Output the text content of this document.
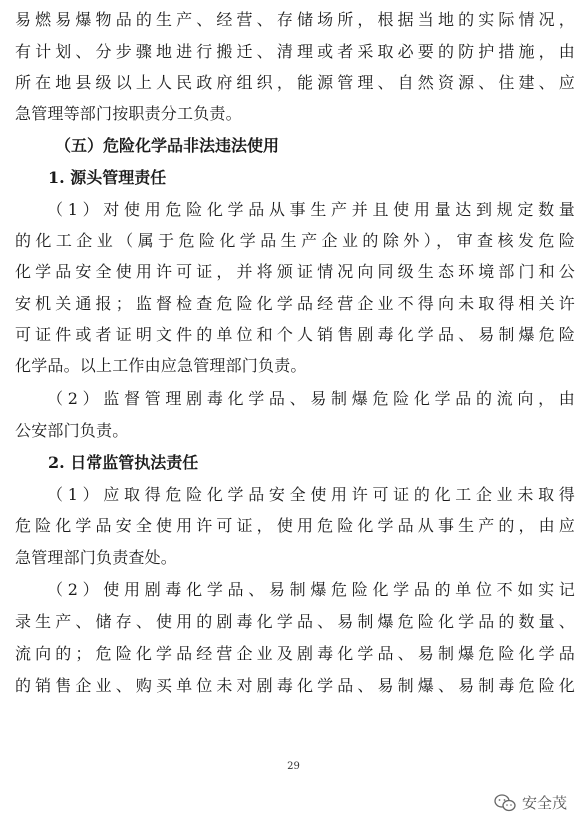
易燃易爆物品的生产、经营、存储场所，根据当地的实际情况，
有计划、分步骤地进行搬迁、清理或者采取必要的防护措施，由
所在地县级以上人民政府组织，能源管理、自然资源、住建、应
急管理等部门按职责分工负责。
（五）危险化学品非法违法使用
1. 源头管理责任
（1）对使用危险化学品从事生产并且使用量达到规定数量
的化工企业（属于危险化学品生产企业的除外），审查核发危险
化学品安全使用许可证，并将颁证情况向同级生态环境部门和公
安机关通报；监督检查危险化学品经营企业不得向未取得相关许
可证件或者证明文件的单位和个人销售剧毒化学品、易制爆危险
化学品。以上工作由应急管理部门负责。
（2）监督管理剧毒化学品、易制爆危险化学品的流向，由
公安部门负责。
2. 日常监管执法责任
（1）应取得危险化学品安全使用许可证的化工企业未取得
危险化学品安全使用许可证，使用危险化学品从事生产的，由应
急管理部门负责查处。
（2）使用剧毒化学品、易制爆危险化学品的单位不如实记
录生产、储存、使用的剧毒化学品、易制爆危险化学品的数量、
流向的；危险化学品经营企业及剧毒化学品、易制爆危险化学品
的销售企业、购买单位未对剧毒化学品、易制爆、易制毒危险化
29
安全茂
